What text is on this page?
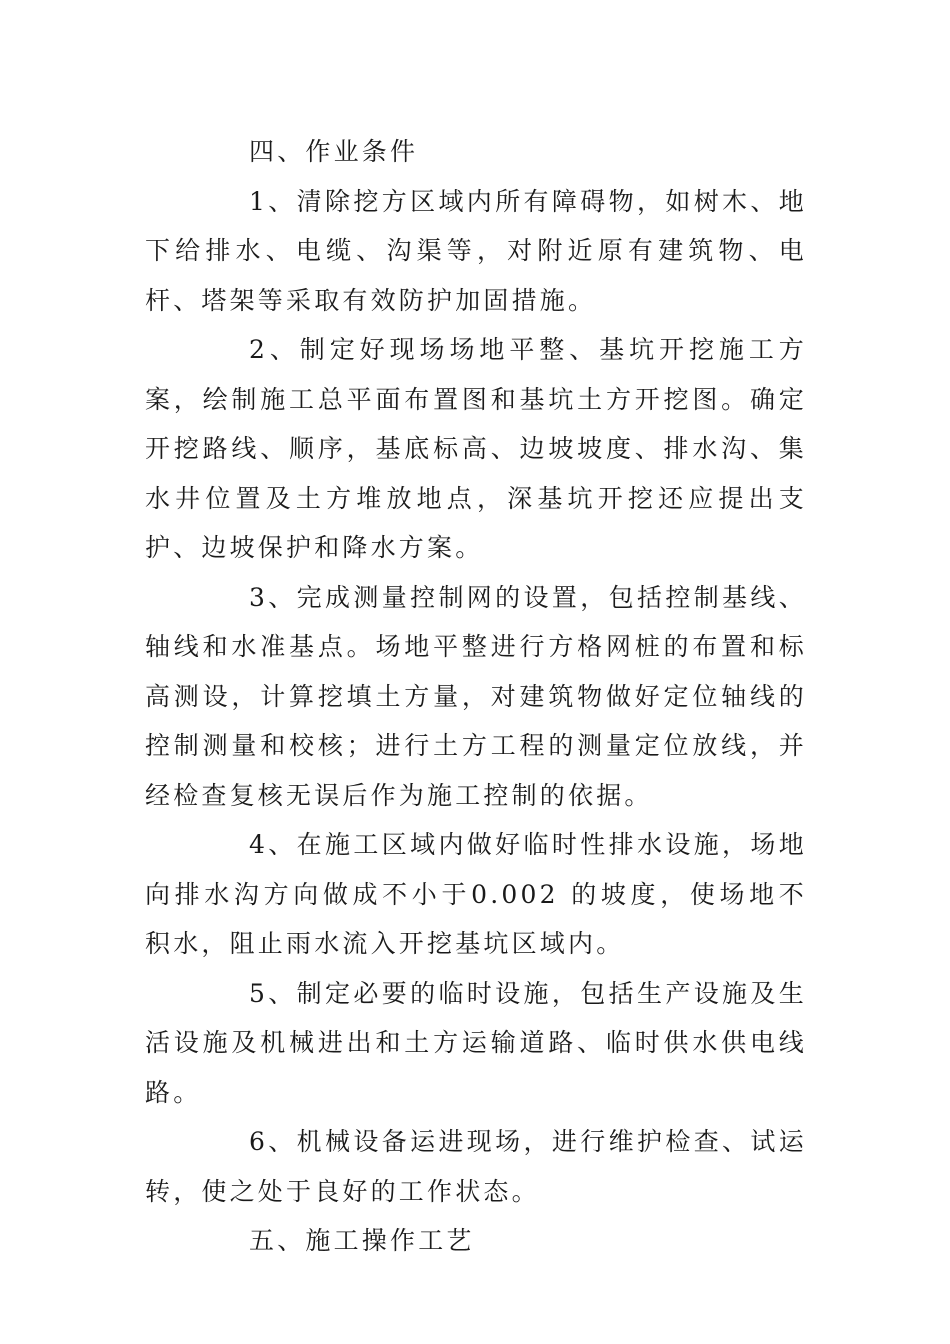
四、作业条件

1、清除挖方区域内所有障碍物，如树木、地下给排水、电缆、沟渠等，对附近原有建筑物、电杆、塔架等采取有效防护加固措施。

2、制定好现场场地平整、基坑开挖施工方案，绘制施工总平面布置图和基坑土方开挖图。确定开挖路线、顺序，基底标高、边坡坡度、排水沟、集水井位置及土方堆放地点，深基坑开挖还应提出支护、边坡保护和降水方案。

3、完成测量控制网的设置，包括控制基线、轴线和水准基点。场地平整进行方格网桩的布置和标高测设，计算挖填土方量，对建筑物做好定位轴线的控制测量和校核；进行土方工程的测量定位放线，并经检查复核无误后作为施工控制的依据。

4、在施工区域内做好临时性排水设施，场地向排水沟方向做成不小于0.002 的坡度，使场地不积水，阻止雨水流入开挖基坑区域内。

5、制定必要的临时设施，包括生产设施及生活设施及机械进出和土方运输道路、临时供水供电线路。

6、机械设备运进现场，进行维护检查、试运转，使之处于良好的工作状态。

五、施工操作工艺
